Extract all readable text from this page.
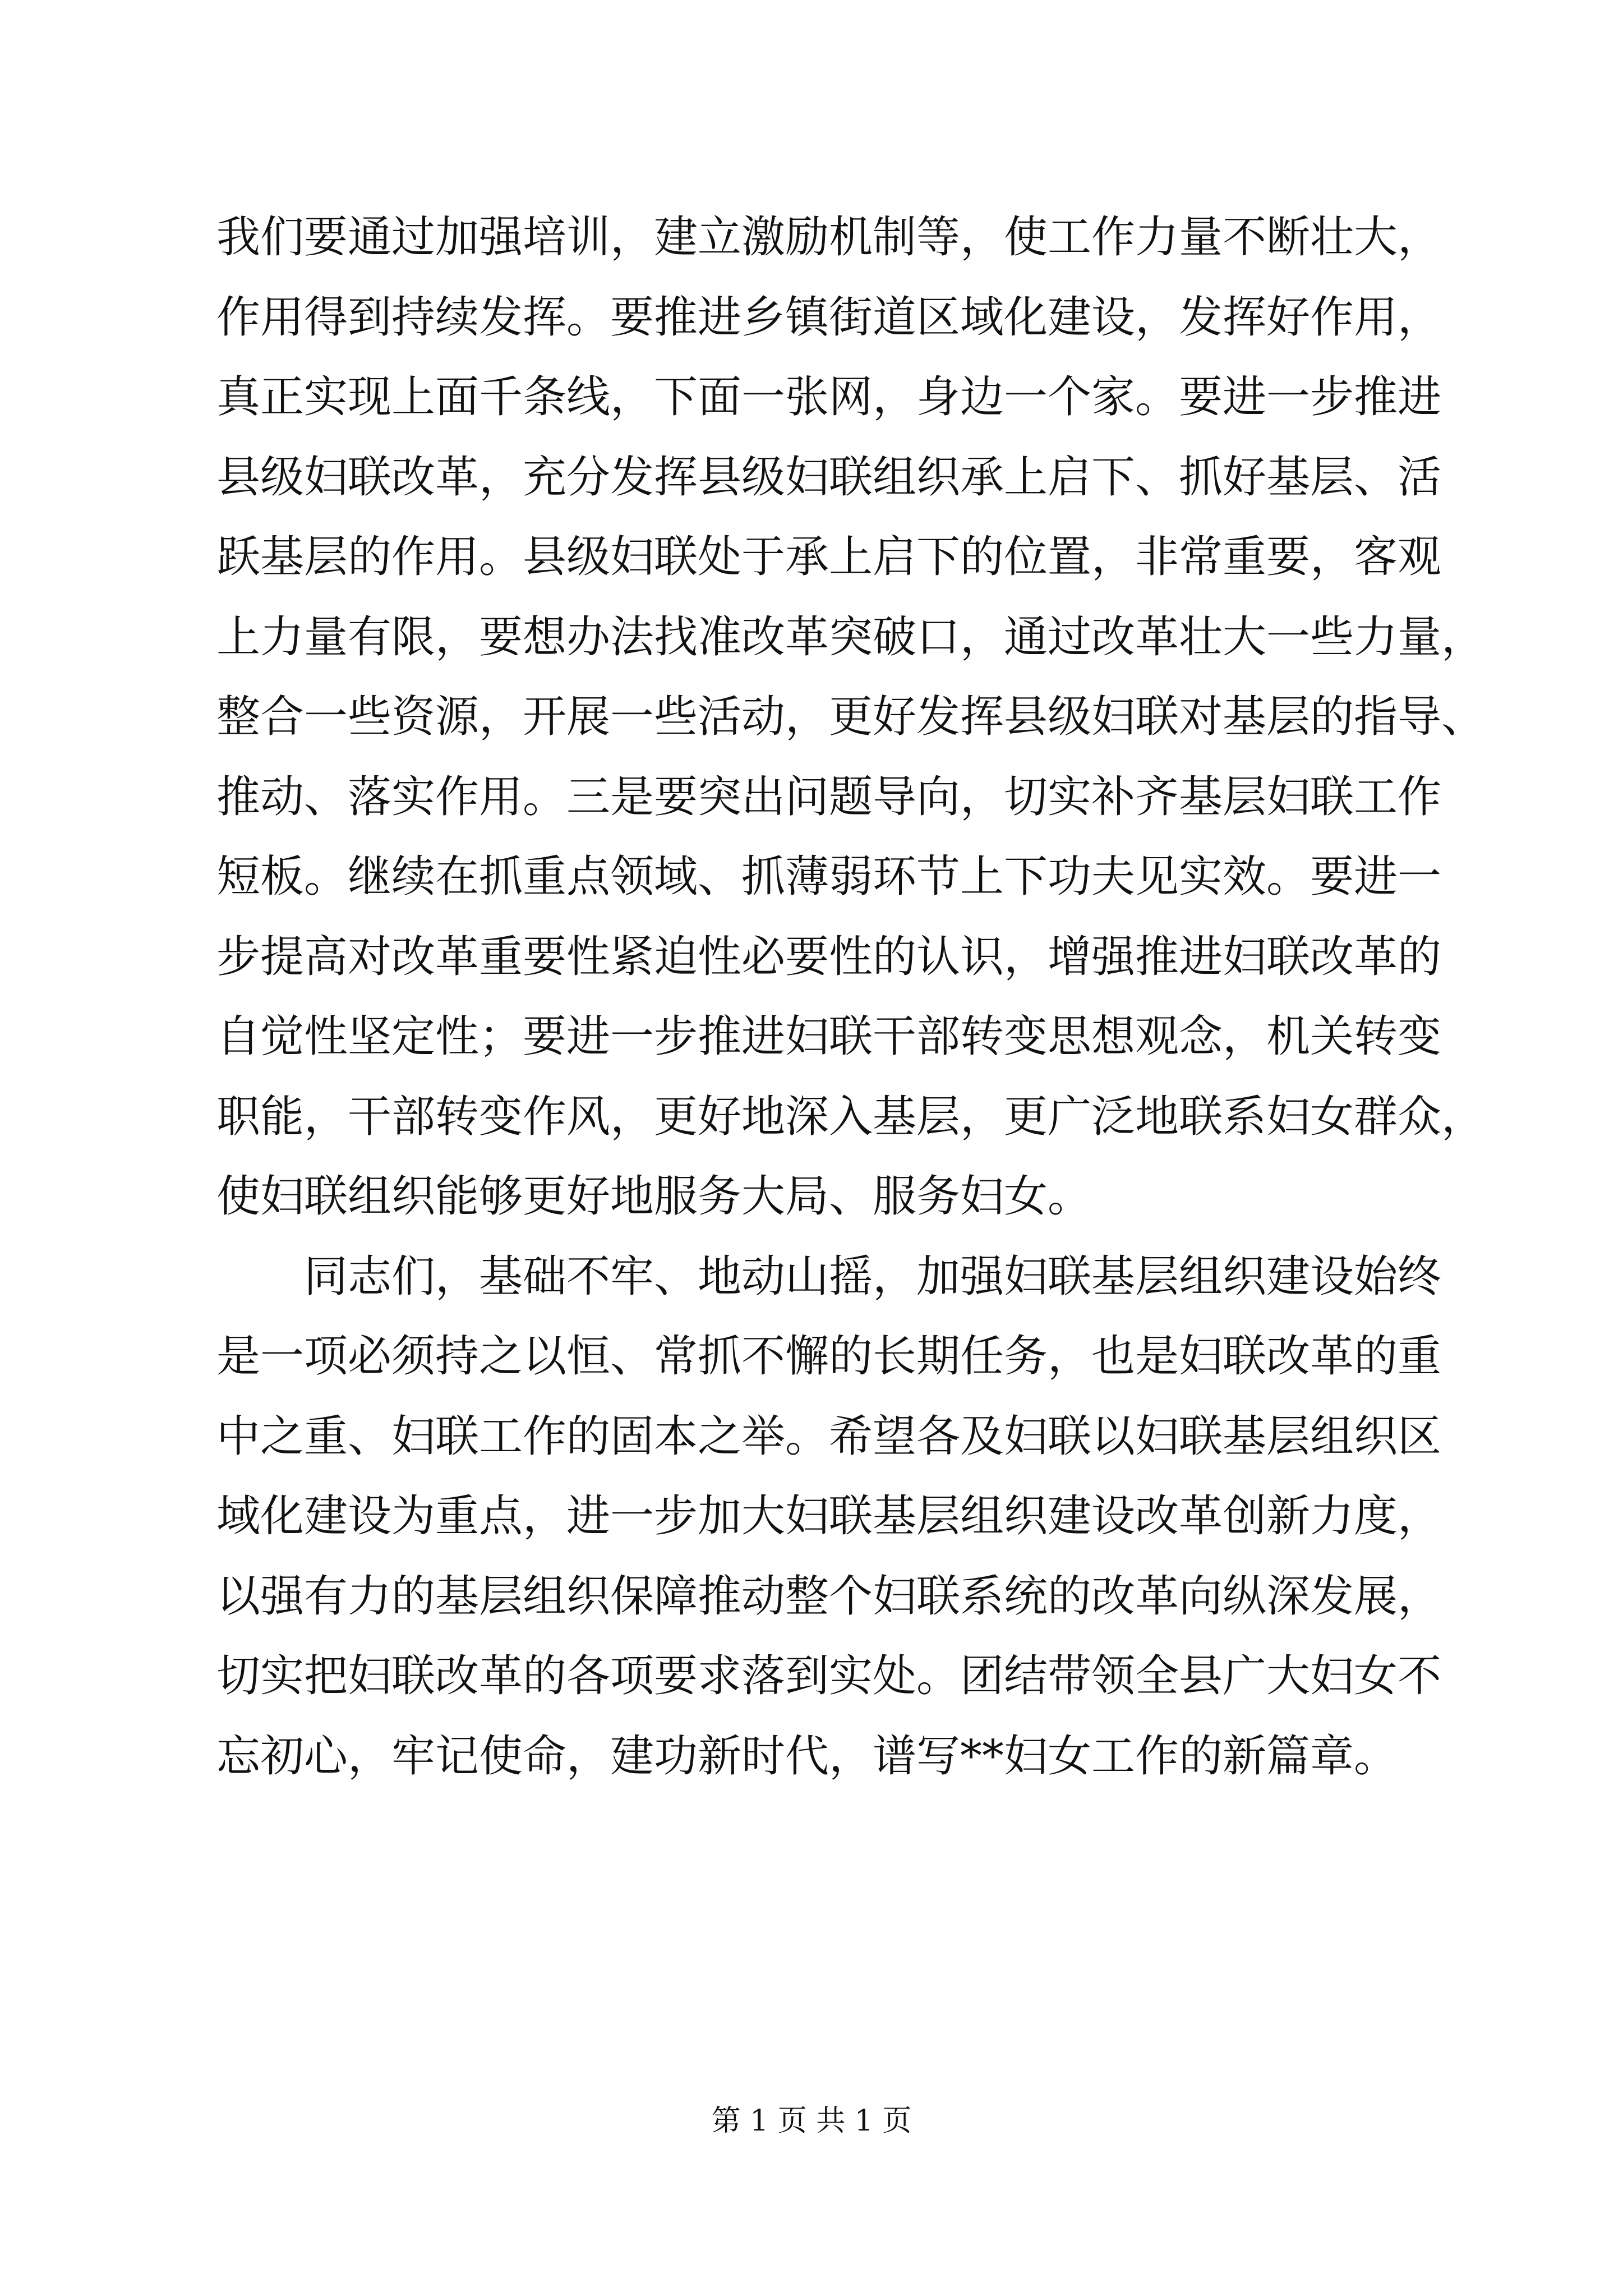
我们要通过加强培训，建立激励机制等，使工作力量不断壮大，
作用得到持续发挥。要推进乡镇街道区域化建设，发挥好作用，
真正实现上面千条线，下面一张网，身边一个家。要进一步推进
县级妇联改革，充分发挥县级妇联组织承上启下、抓好基层、活
跃基层的作用。县级妇联处于承上启下的位置，非常重要，客观
上力量有限，要想办法找准改革突破口，通过改革壮大一些力量，
整合一些资源，开展一些活动，更好发挥县级妇联对基层的指导、
推动、落实作用。三是要突出问题导向，切实补齐基层妇联工作
短板。继续在抓重点领域、抓薄弱环节上下功夫见实效。要进一
步提高对改革重要性紧迫性必要性的认识，增强推进妇联改革的
自觉性坚定性；要进一步推进妇联干部转变思想观念，机关转变
职能，干部转变作风，更好地深入基层，更广泛地联系妇女群众，
使妇联组织能够更好地服务大局、服务妇女。
同志们，基础不牢、地动山摇，加强妇联基层组织建设始终
是一项必须持之以恒、常抓不懈的长期任务，也是妇联改革的重
中之重、妇联工作的固本之举。希望各及妇联以妇联基层组织区
域化建设为重点，进一步加大妇联基层组织建设改革创新力度，
以强有力的基层组织保障推动整个妇联系统的改革向纵深发展，
切实把妇联改革的各项要求落到实处。团结带领全县广大妇女不
忘初心，牢记使命，建功新时代，谱写**妇女工作的新篇章。
第 1 页 共 1 页
